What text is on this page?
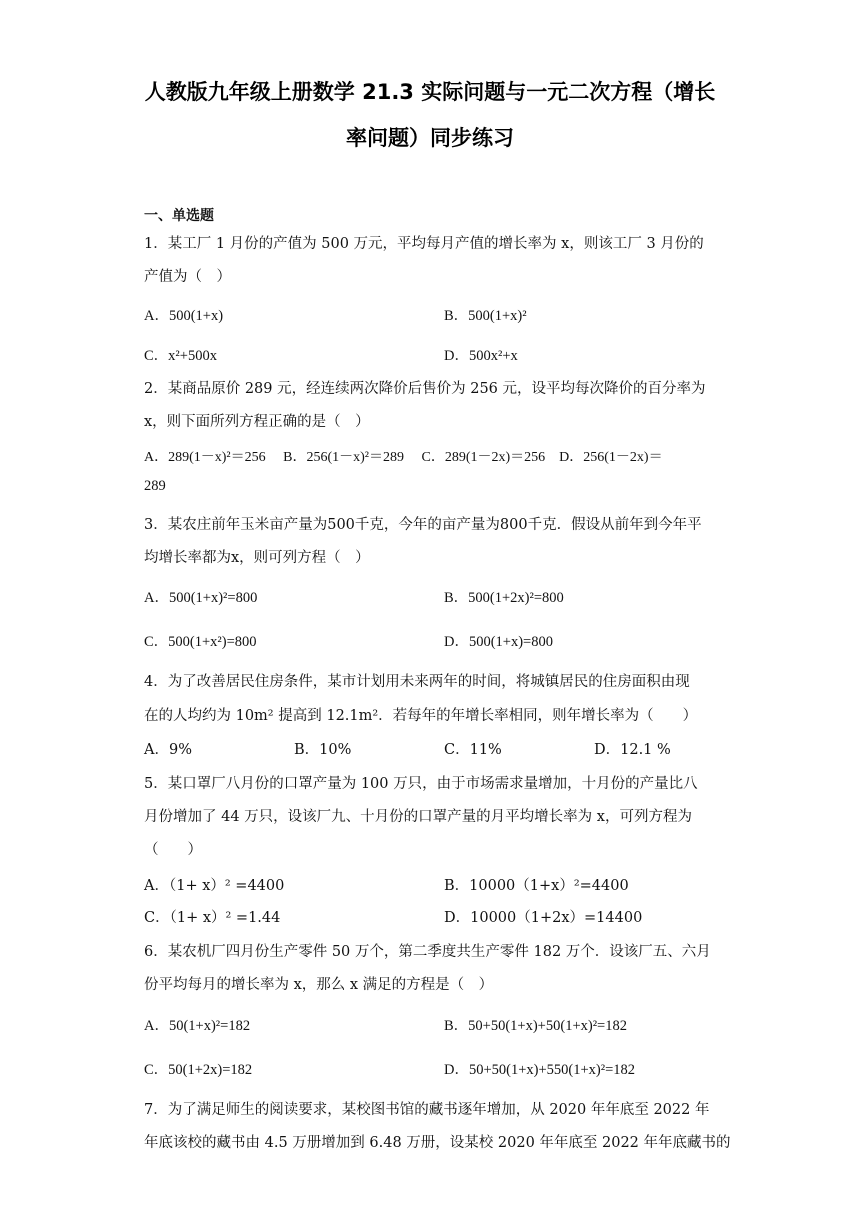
人教版九年级上册数学 21.3 实际问题与一元二次方程（增长
率问题）同步练习
一、单选题
1．某工厂 1 月份的产值为 500 万元，平均每月产值的增长率为 x，则该工厂 3 月份的
产值为（　）
A．500(1+x)	B．500(1+x)²
C．x²+500x	D．500x²+x
2．某商品原价 289 元，经连续两次降价后售价为 256 元，设平均每次降价的百分率为
x，则下面所列方程正确的是（　）
A．289(1－x)²＝256　 B．256(1－x)²＝289　 C．289(1－2x)＝256　D．256(1－2x)＝
289
3．某农庄前年玉米亩产量为500千克，今年的亩产量为800千克．假设从前年到今年平
均增长率都为x，则可列方程（　）
A．500(1+x)²=800	B．500(1+2x)²=800
C．500(1+x²)=800	D．500(1+x)=800
4．为了改善居民住房条件，某市计划用未来两年的时间，将城镇居民的住房面积由现
在的人均约为 10m² 提高到 12.1m²．若每年的年增长率相同，则年增长率为（　　）
A．9%	B．10%	C．11%	D．12.1 %
5．某口罩厂八月份的口罩产量为 100 万只，由于市场需求量增加，十月份的产量比八
月份增加了 44 万只，设该厂九、十月份的口罩产量的月平均增长率为 x，可列方程为
（　　）
A．（1+ x）² =4400	B．10000（1+x）²=4400
C．（1+ x）² =1.44	D．10000（1+2x）=14400
6．某农机厂四月份生产零件 50 万个，第二季度共生产零件 182 万个．设该厂五、六月
份平均每月的增长率为 x，那么 x 满足的方程是（　）
A．50(1+x)²=182	B．50+50(1+x)+50(1+x)²=182
C．50(1+2x)=182	D．50+50(1+x)+550(1+x)²=182
7．为了满足师生的阅读要求，某校图书馆的藏书逐年增加，从 2020 年年底至 2022 年
年底该校的藏书由 4.5 万册增加到 6.48 万册，设某校 2020 年年底至 2022 年年底藏书的
